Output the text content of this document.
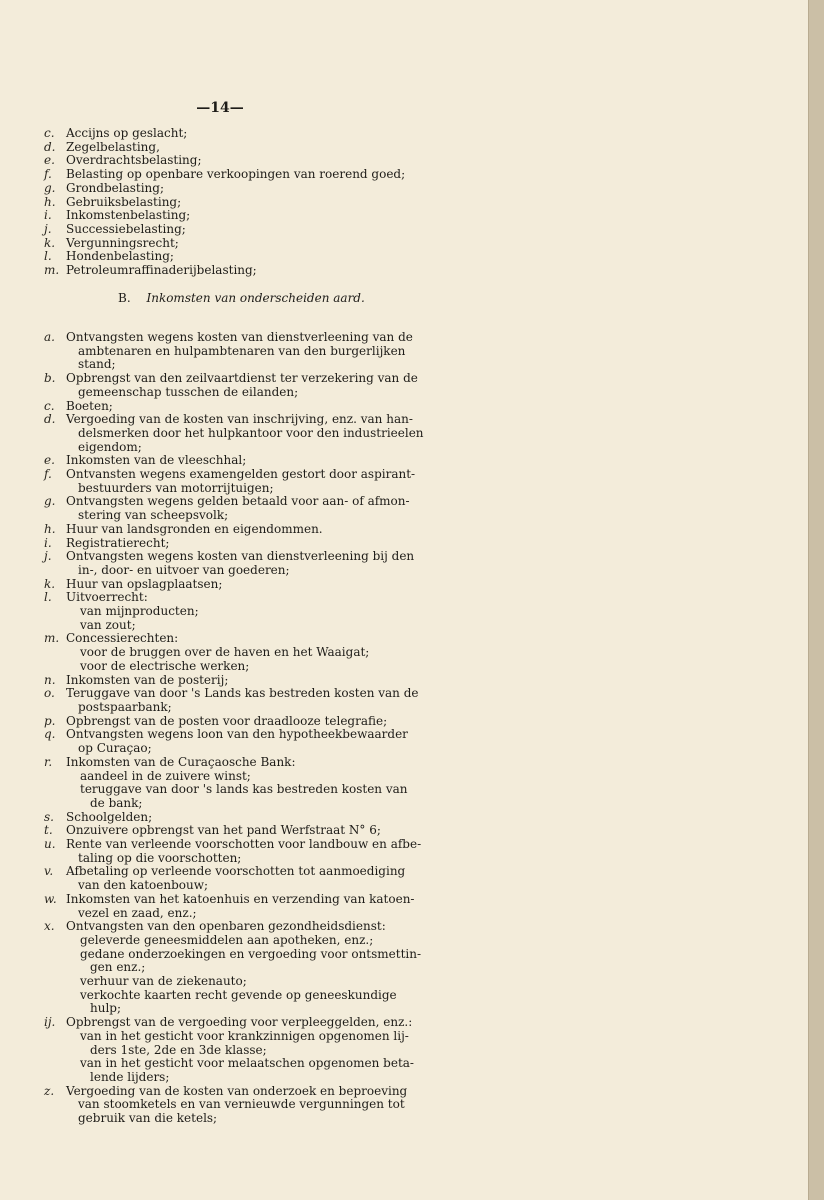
—14—
c. Accijns op geslacht;
d. Zegelbelasting,
e. Overdrachtsbelasting;
f.	Belasting op openbare verkoopingen van roerend goed;
g. Grondbelasting;
h. Gebruiksbelasting;
i.	Inkomstenbelasting;
j.	Successiebelasting;
k. Vergunningsrecht;
l.	Hondenbelasting;
m. Petroleumraffinaderijbelasting;
B. Inkomsten van onderscheiden aard.
a. Ontvangsten wegens kosten van dienstverleening van de
ambtenaren en hulpambtenaren van den burgerlijken
stand;
b. Opbrengst van den zeilvaartdienst ter verzekering van de
gemeenschap tusschen de eilanden;
c. Boeten;
d. Vergoeding van de kosten van inschrijving, enz. van han-
delsmerken door het hulpkantoor voor den industrieelen
eigendom;
e. Inkomsten van de vleeschhal;
f.	Ontvansten wegens examengelden gestort door aspirant-
bestuurders van motorrijtuigen;
g. Ontvangsten wegens gelden betaald voor aan- of afmon-
stering van scheepsvolk;
h. Huur van landsgronden en eigendommen.
i.	Registratierecht;
j.	Ontvangsten wegens kosten van dienstverleening bij den
in-, door- en uitvoer van goederen;
k. Huur van opslagplaatsen;
l.	Uitvoerrecht:
van mijnproducten;
van zout;
m. Concessierechten:
voor de bruggen over de haven en het Waaigat;
voor de electrische werken;
n. Inkomsten van de posterij;
o. Teruggave van door 's Lands kas bestreden kosten van de
postspaarbank;
p. Opbrengst van de posten voor draadlooze telegrafie;
q. Ontvangsten wegens loon van den hypotheekbewaarder
op Curaçao;
r.	Inkomsten van de Curaçaosche Bank:
aandeel in de zuivere winst;
teruggave van door 's lands kas bestreden kosten van
de bank;
s.	Schoolgelden;
t.	Onzuivere opbrengst van het pand Werfstraat N° 6;
u. Rente van verleende voorschotten voor landbouw en afbe-
taling op die voorschotten;
v.	Afbetaling op verleende voorschotten tot aanmoediging
van den katoenbouw;
w. Inkomsten van het katoenhuis en verzending van katoen-
vezel en zaad, enz.;
x. Ontvangsten van den openbaren gezondheidsdienst:
geleverde geneesmiddelen aan apotheken, enz.;
gedane onderzoekingen en vergoeding voor ontsmettin-
gen enz.;
verhuur van de ziekenauto;
verkochte kaarten recht gevende op geneeskundige
hulp;
ij. Opbrengst van de vergoeding voor verpleeggelden, enz.:
van in het gesticht voor krankzinnigen opgenomen lij-
ders 1ste, 2de en 3de klasse;
van in het gesticht voor melaatschen opgenomen beta-
lende lijders;
z. Vergoeding van de kosten van onderzoek en beproeving
van stoomketels en van vernieuwde vergunningen tot
gebruik van die ketels;
